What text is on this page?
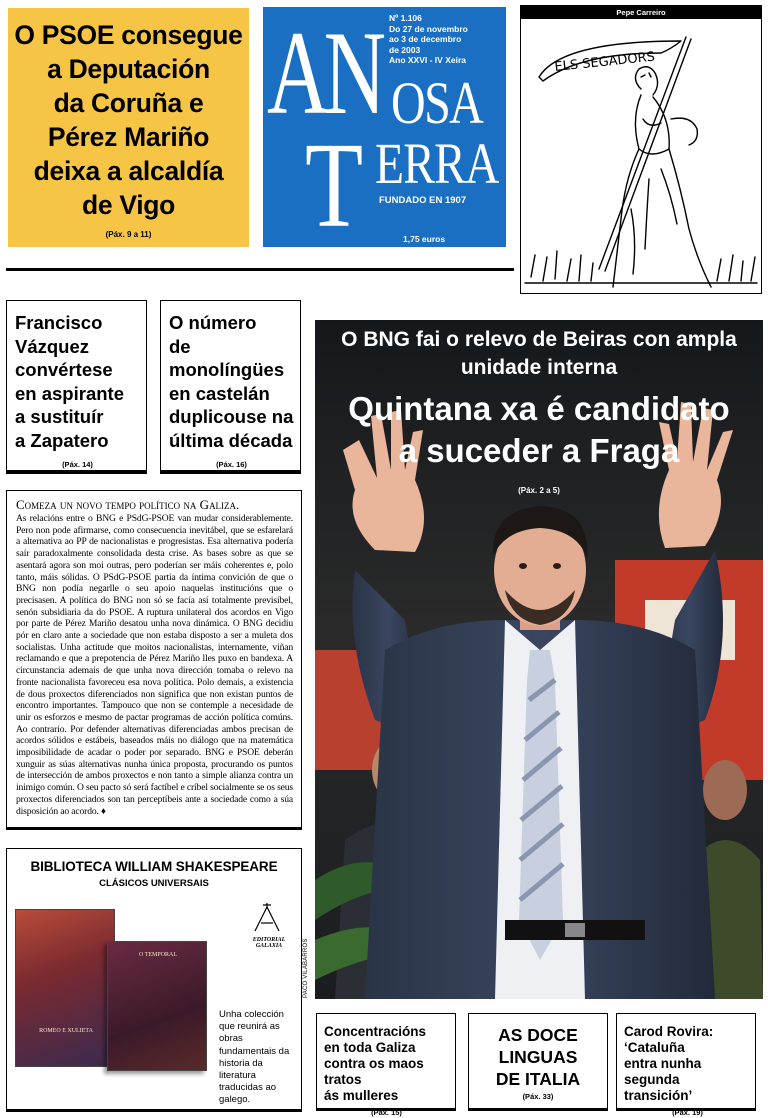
O PSOE consegue
a Deputación
da Coruña e
Pérez Mariño
deixa a alcaldía
de Vigo
(Páx. 9 a 11)
AN OSA
T ERRA
Nº 1.106
Do 27 de novembro
ao 3 de decembro
de 2003
Ano XXVI - IV Xeira
FUNDADO EN 1907
1,75 euros
Pepe Carreiro
ELS SEGADORS
Francisco
Vázquez
convértese
en aspirante
a sustituír
a Zapatero
(Páx. 14)
O número
de
monolíngües
en castelán
duplicouse na
última década
(Páx. 16)
Comeza un novo tempo político na Galiza.
As relacións entre o BNG e PSdG-PSOE van mudar considerablemente. Pero non pode afirmarse, como consecuencia inevitábel, que se esfarelará a alternativa ao PP de nacionalistas e progresistas. Esa alternativa podería saír paradoxalmente consolidada desta crise. As bases sobre as que se asentará agora son moi outras, pero poderían ser máis coherentes e, polo tanto, máis sólidas. O PSdG-PSOE partía da íntima convición de que o BNG non podía negarlle o seu apoio naquelas institucións que o precisasen. A política do BNG non só se facía así totalmente previsíbel, senón subsidiaria da do PSOE. A ruptura unilateral dos acordos en Vigo por parte de Pérez Mariño desatou unha nova dinámica. O BNG decidiu pór en claro ante a sociedade que non estaba disposto a ser a muleta dos socialistas. Unha actitude que moitos nacionalistas, internamente, viñan reclamando e que a prepotencia de Pérez Mariño lles puxo en bandexa. A circunstancia ademais de que unha nova dirección tomaba o relevo na fronte nacionalista favoreceu esa nova política. Polo demais, a existencia de dous proxectos diferenciados non significa que non existan puntos de encontro importantes. Tampouco que non se contemple a necesidade de unir os esforzos e mesmo de pactar programas de acción política comúns. Ao contrario. Por defender alternativas diferenciadas ambos precisan de acordos sólidos e estábeis, baseados máis no diálogo que na matemática imposibilidade de acadar o poder por separado. BNG e PSOE deberán xunguir as súas alternativas nunha única proposta, procurando os puntos de intersección de ambos proxectos e non tanto a simple alianza contra un inimigo común. O seu pacto só será factíbel e críbel socialmente se os seus proxectos diferenciados son tan perceptíbeis ante a sociedade como a súa disposición ao acordo. ♦
O BNG fai o relevo de Beiras con ampla
unidade interna
Quintana xa é candidato
a suceder a Fraga
(Páx. 2 a 5)
PACO VILABARROS
BIBLIOTECA WILLIAM SHAKESPEARE
CLÁSICOS UNIVERSAIS
ROMEO E XULIETA
O TEMPORAL
EDITORIAL GALAXIA
Unha colección que reunirá as obras fundamentais da historia da literatura traducidas ao galego.
Concentracións
en toda Galiza
contra os maos tratos
ás mulleres
(Páx. 15)
AS DOCE
LINGUAS
DE ITALIA
(Páx. 33)
Carod Rovira:
‘Cataluña
entra nunha
segunda transición’
(Páx. 19)
